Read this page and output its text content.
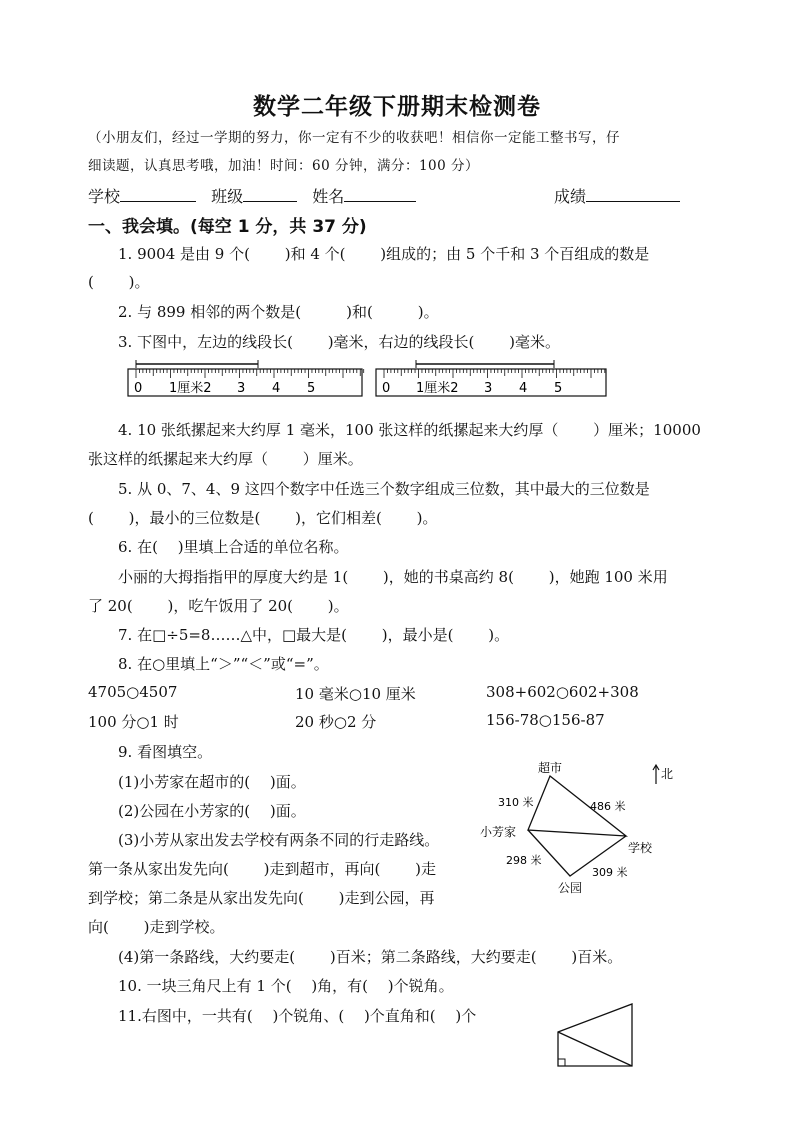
数学二年级下册期末检测卷
（小朋友们，经过一学期的努力，你一定有不少的收获吧！相信你一定能工整书写，仔
细读题，认真思考哦，加油！时间：60 分钟，满分：100 分）
学校	班级	姓名	成绩
一、我会填。(每空 1 分，共 37 分)
1. 9004 是由 9 个(　　 )和 4 个(　　 )组成的；由 5 个千和 3 个百组成的数是
(　　 )。
2. 与 899 相邻的两个数是(　　　)和(　　　)。
3. 下图中，左边的线段长(　　 )毫米，右边的线段长(　　 )毫米。
0 1厘米2 3 4 5	0 1厘米2 3 4 5
4. 10 张纸摞起来大约厚 1 毫米，100 张这样的纸摞起来大约厚（　　 ）厘米；10000
张这样的纸摞起来大约厚（　　 ）厘米。
5. 从 0、7、4、9 这四个数字中任选三个数字组成三位数，其中最大的三位数是
(　　 )，最小的三位数是(　　 )，它们相差(　　 )。
6. 在(　 )里填上合适的单位名称。
小丽的大拇指指甲的厚度大约是 1(　　 )，她的书桌高约 8(　　 )，她跑 100 米用
了 20(　　 )，吃午饭用了 20(　　 )。
7. 在□÷5=8……△中，□最大是(　　 )，最小是(　　 )。
8. 在○里填上“＞”“＜”或“=”。
4705○4507	10 毫米○10 厘米	308+602○602+308
100 分○1 时	20 秒○2 分	156-78○156-87
9. 看图填空。
(1)小芳家在超市的(　 )面。
(2)公园在小芳家的(　 )面。
(3)小芳从家出发去学校有两条不同的行走路线。
第一条从家出发先向(　　 )走到超市，再向(　　 )走
到学校；第二条是从家出发先向(　　 )走到公园，再
向(　　 )走到学校。
超市
小芳家
学校
公园
310 米	486 米
298 米
309 米
北
(4)第一条路线，大约要走(　　 )百米；第二条路线，大约要走(　　 )百米。
10. 一块三角尺上有 1 个(　 )角，有(　 )个锐角。
11.右图中，一共有(　 )个锐角、(　 )个直角和(　 )个
